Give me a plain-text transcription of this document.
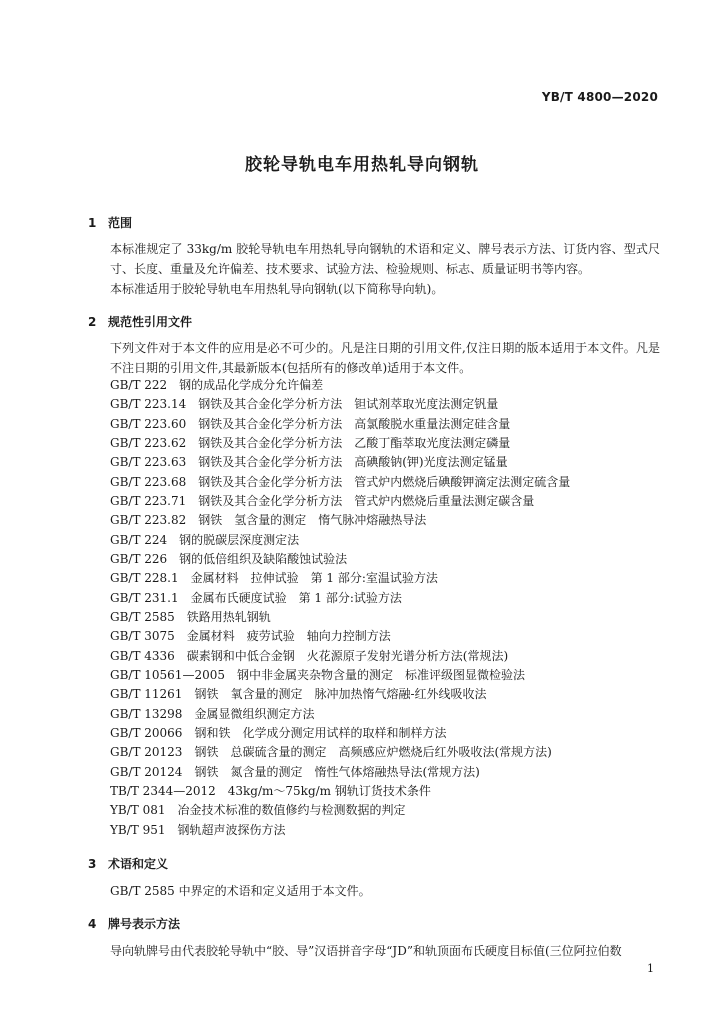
YB/T 4800—2020
胶轮导轨电车用热轧导向钢轨
1 范围
本标准规定了 33kg/m 胶轮导轨电车用热轧导向钢轨的术语和定义、牌号表示方法、订货内容、型式尺寸、长度、重量及允许偏差、技术要求、试验方法、检验规则、标志、质量证明书等内容。
本标准适用于胶轮导轨电车用热轧导向钢轨(以下简称导向轨)。
2 规范性引用文件
下列文件对于本文件的应用是必不可少的。凡是注日期的引用文件,仅注日期的版本适用于本文件。凡是不注日期的引用文件,其最新版本(包括所有的修改单)适用于本文件。
GB/T 222　钢的成品化学成分允许偏差
GB/T 223.14　钢铁及其合金化学分析方法　钽试剂萃取光度法测定钒量
GB/T 223.60　钢铁及其合金化学分析方法　高氯酸脱水重量法测定硅含量
GB/T 223.62　钢铁及其合金化学分析方法　乙酸丁酯萃取光度法测定磷量
GB/T 223.63　钢铁及其合金化学分析方法　高碘酸钠(钾)光度法测定锰量
GB/T 223.68　钢铁及其合金化学分析方法　管式炉内燃烧后碘酸钾滴定法测定硫含量
GB/T 223.71　钢铁及其合金化学分析方法　管式炉内燃烧后重量法测定碳含量
GB/T 223.82　钢铁　氢含量的测定　惰气脉冲熔融热导法
GB/T 224　钢的脱碳层深度测定法
GB/T 226　钢的低倍组织及缺陷酸蚀试验法
GB/T 228.1　金属材料　拉伸试验　第 1 部分:室温试验方法
GB/T 231.1　金属布氏硬度试验　第 1 部分:试验方法
GB/T 2585　铁路用热轧钢轨
GB/T 3075　金属材料　疲劳试验　轴向力控制方法
GB/T 4336　碳素钢和中低合金钢　火花源原子发射光谱分析方法(常规法)
GB/T 10561—2005　钢中非金属夹杂物含量的测定　标准评级图显微检验法
GB/T 11261　钢铁　氧含量的测定　脉冲加热惰气熔融-红外线吸收法
GB/T 13298　金属显微组织测定方法
GB/T 20066　钢和铁　化学成分测定用试样的取样和制样方法
GB/T 20123　钢铁　总碳硫含量的测定　高频感应炉燃烧后红外吸收法(常规方法)
GB/T 20124　钢铁　氮含量的测定　惰性气体熔融热导法(常规方法)
TB/T 2344—2012　43kg/m～75kg/m 钢轨订货技术条件
YB/T 081　冶金技术标准的数值修约与检测数据的判定
YB/T 951　钢轨超声波探伤方法
3 术语和定义
GB/T 2585 中界定的术语和定义适用于本文件。
4 牌号表示方法
导向轨牌号由代表胶轮导轨中“胶、导”汉语拼音字母“JD”和轨顶面布氏硬度目标值(三位阿拉伯数
1
